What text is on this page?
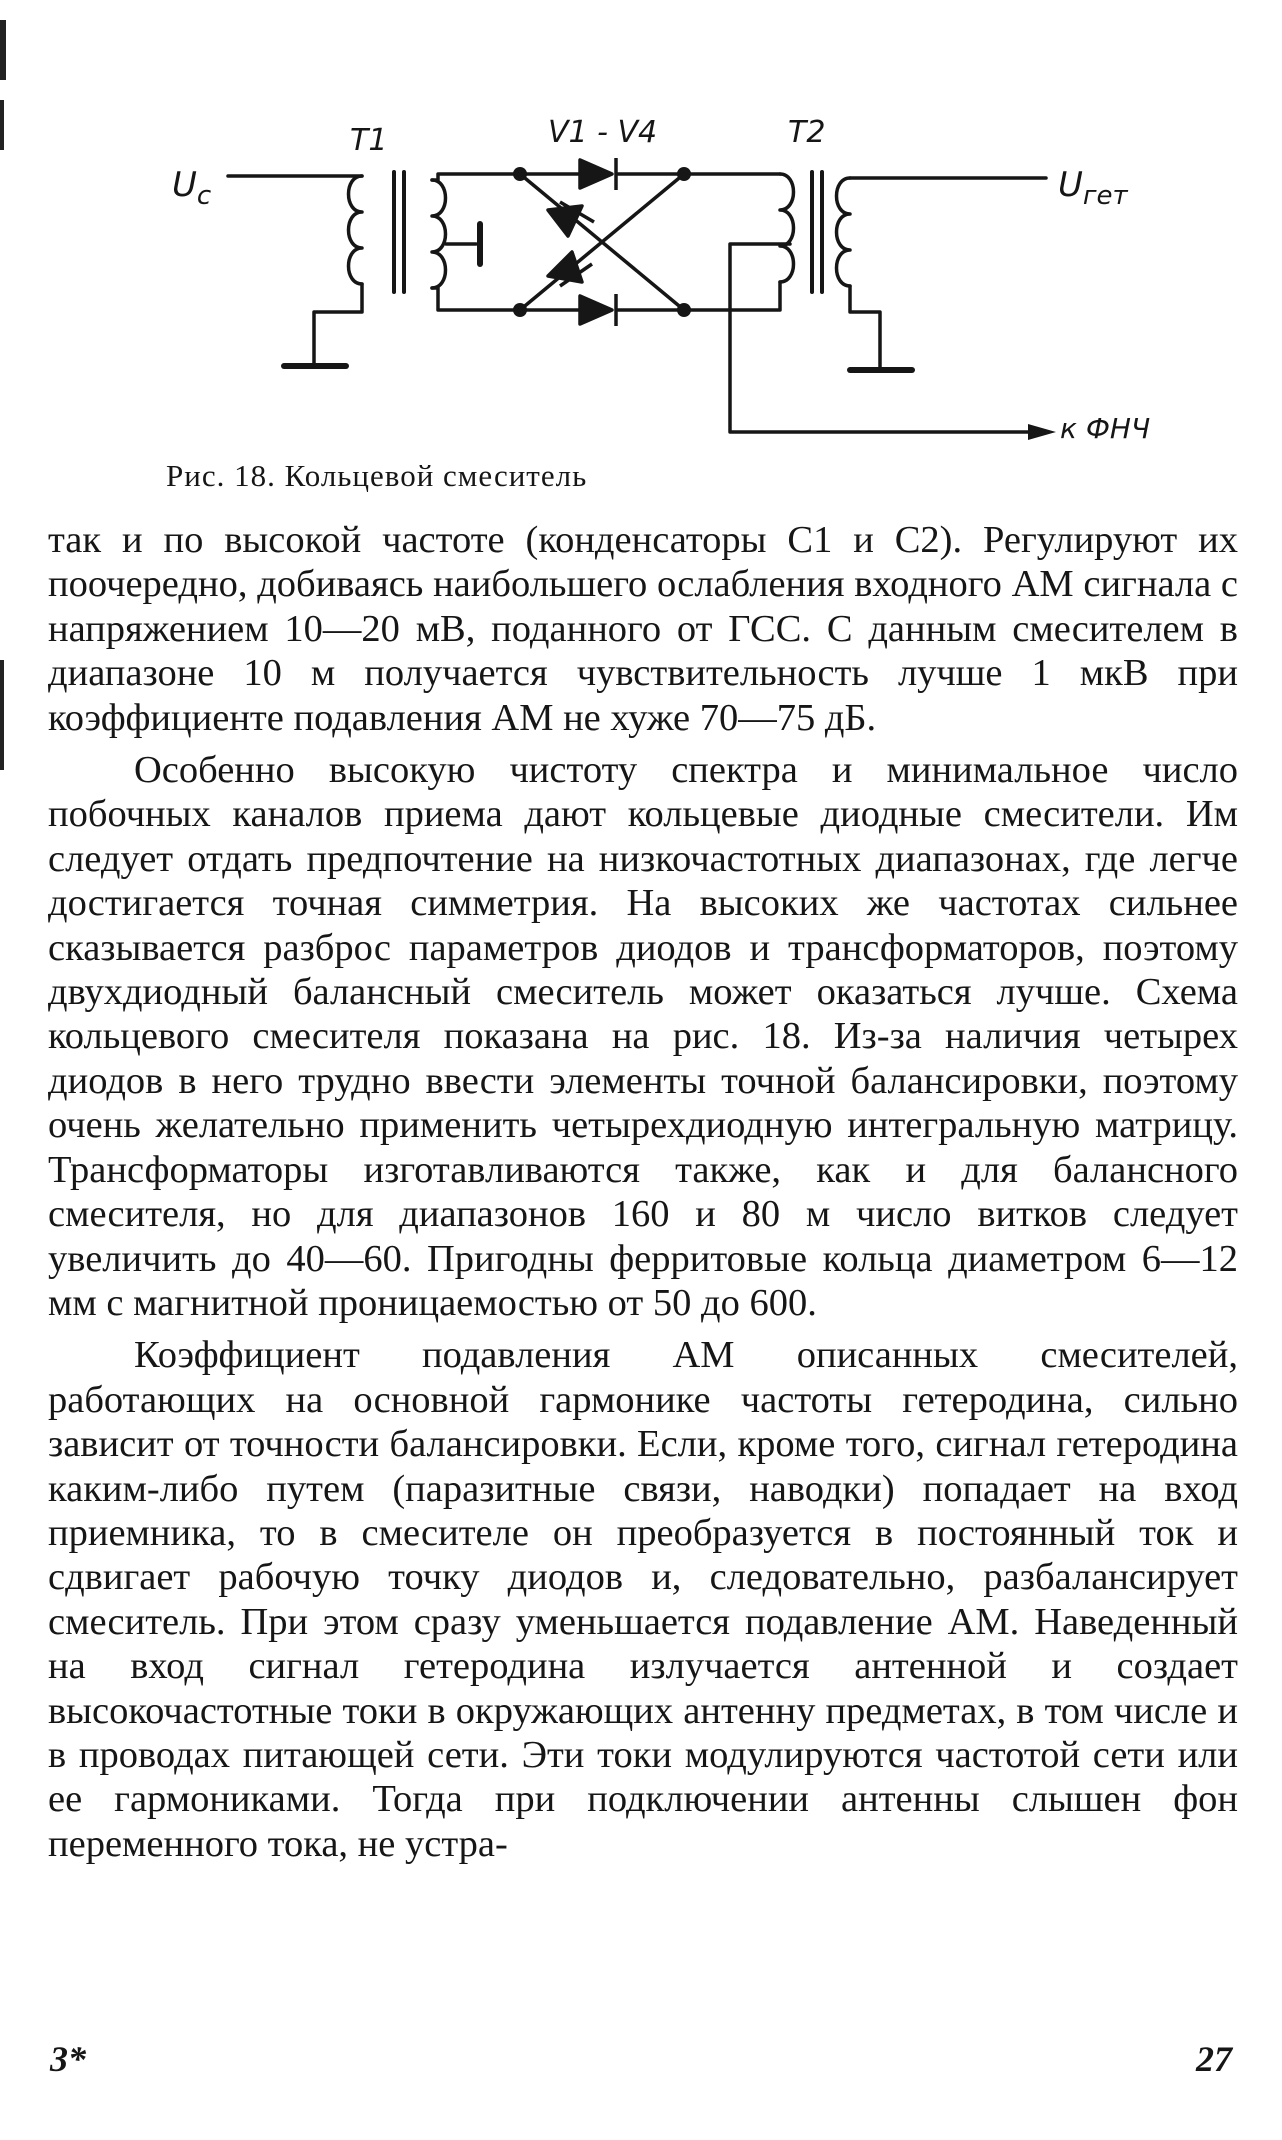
$U_c$
T1	V1 - V4	T2
$U_{гет}$
к ФНЧ
Рис. 18. Кольцевой смеситель

так и по высокой частоте (конденсаторы C1 и C2). Регулируют их поочередно, добиваясь наибольшего ослабления входного АМ сигнала с напряжением 10—20 мВ, поданного от ГСС. С данным смесителем в диапазоне 10 м получается чувствительность лучше 1 мкВ при коэффициенте подавления АМ не хуже 70—75 дБ.

Особенно высокую чистоту спектра и минимальное число побочных каналов приема дают кольцевые диодные смесители. Им следует отдать предпочтение на низкочастотных диапазонах, где легче достигается точная симметрия. На высоких же частотах сильнее сказывается разброс параметров диодов и трансформаторов, поэтому двухдиодный балансный смеситель может оказаться лучше. Схема кольцевого смесителя показана на рис. 18. Из-за наличия четырех диодов в него трудно ввести элементы точной балансировки, поэтому очень желательно применить четырехдиодную интегральную матрицу. Трансформаторы изготавливаются также, как и для балансного смесителя, но для диапазонов 160 и 80 м число витков следует увеличить до 40—60. Пригодны ферритовые кольца диаметром 6—12 мм с магнитной проницаемостью от 50 до 600.

Коэффициент подавления АМ описанных смесителей, работающих на основной гармонике частоты гетеродина, сильно зависит от точности балансировки. Если, кроме того, сигнал гетеродина каким-либо путем (паразитные связи, наводки) попадает на вход приемника, то в смесителе он преобразуется в постоянный ток и сдвигает рабочую точку диодов и, следовательно, разбалансирует смеситель. При этом сразу уменьшается подавление АМ. Наведенный на вход сигнал гетеродина излучается антенной и создает высокочастотные токи в окружающих антенну предметах, в том числе и в проводах питающей сети. Эти токи модулируются частотой сети или ее гармониками. Тогда при подключении антенны слышен фон переменного тока, не устра-

3*	27
